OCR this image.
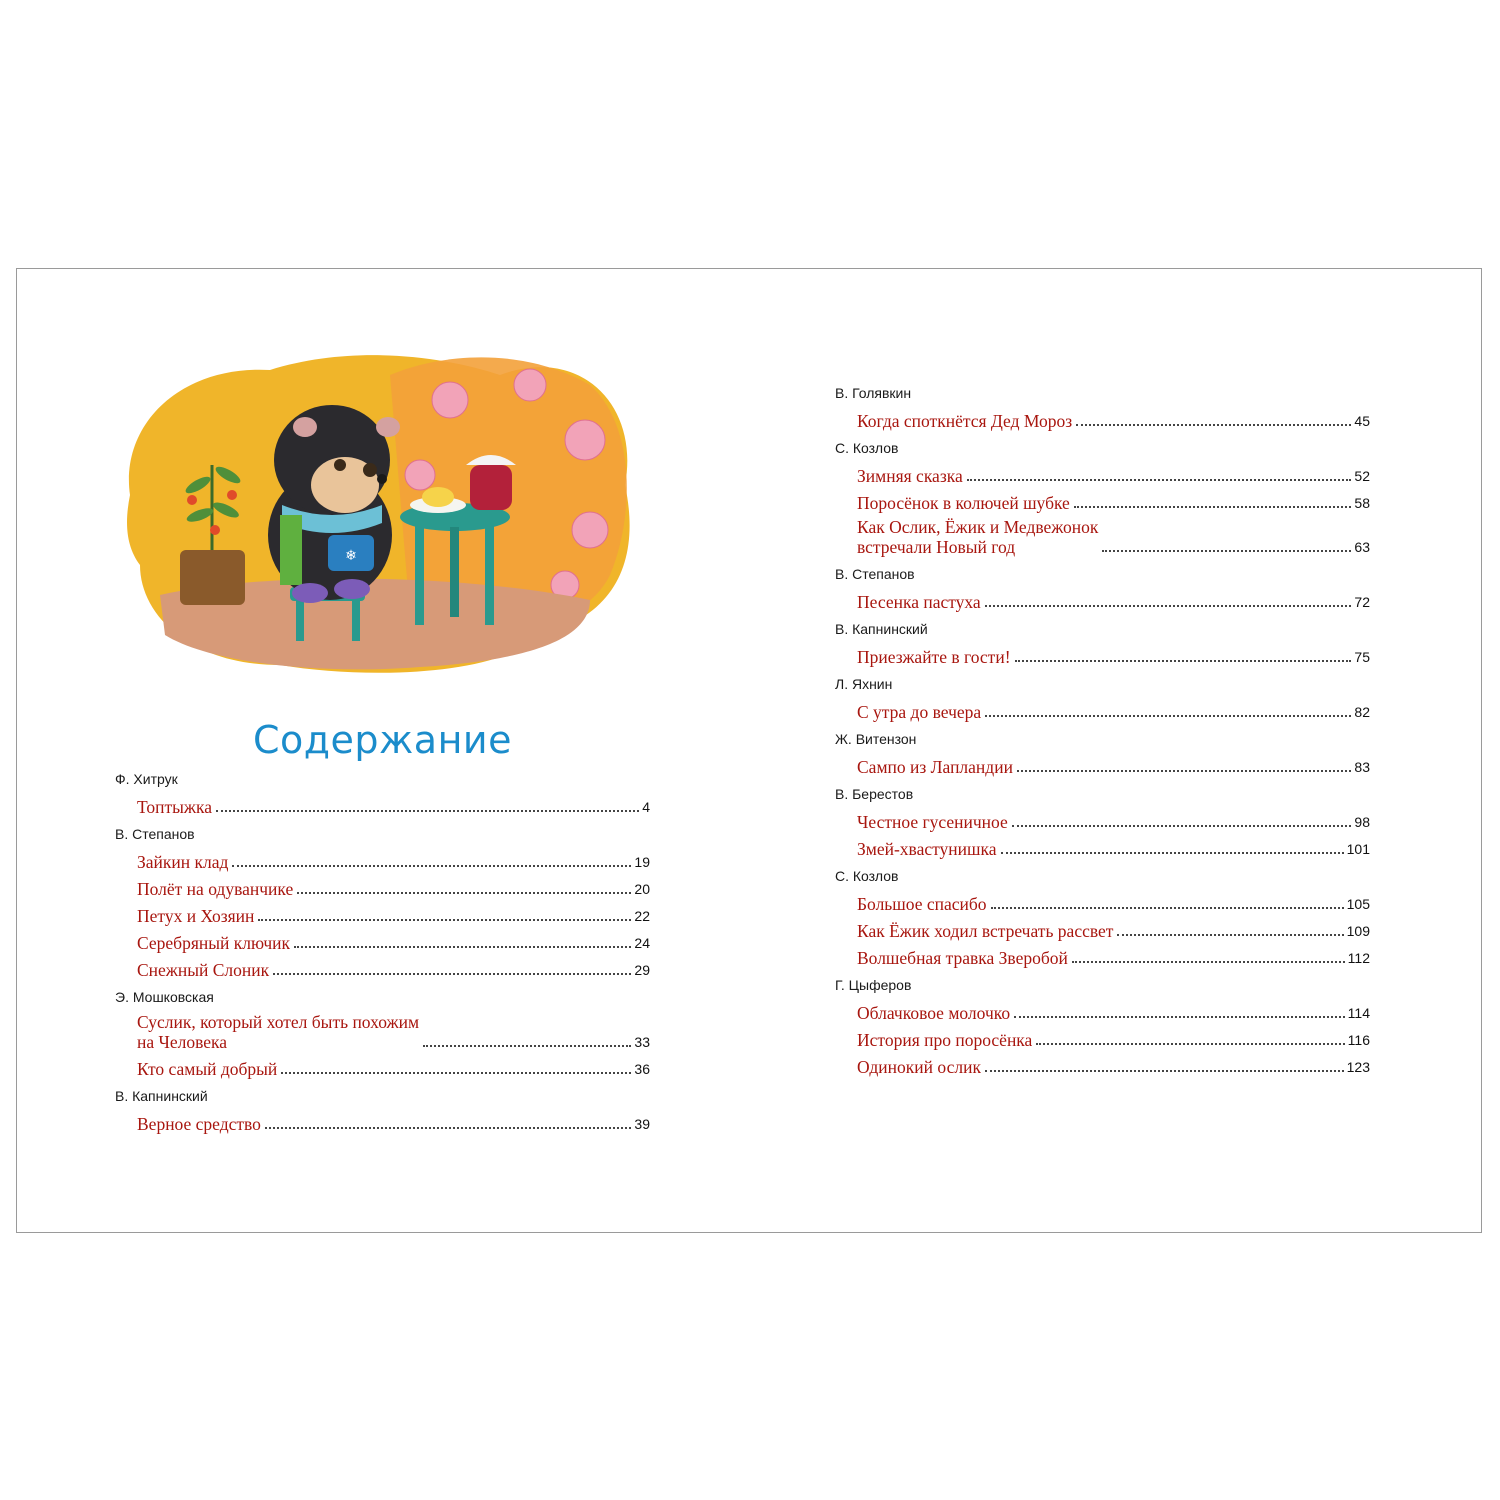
❄
Содержание
Ф. Хитрук
Топтыжка	4
В. Степанов
Зайкин клад	19
Полёт на одуванчике	20
Петух и Хозяин	22
Серебряный ключик	24
Снежный Слоник	29
Э. Мошковская
Суслик, который хотел быть похожим
на Человека	33
Кто самый добрый	36
В. Капнинский
Верное средство	39
В. Голявкин
Когда споткнётся Дед Мороз	45
С. Козлов
Зимняя сказка	52
Поросёнок в колючей шубке	58
Как Ослик, Ёжик и Медвежонок
встречали Новый год	63
В. Степанов
Песенка пастуха	72
В. Капнинский
Приезжайте в гости!	75
Л. Яхнин
С утра до вечера	82
Ж. Витензон
Сампо из Лапландии	83
В. Берестов
Честное гусеничное	98
Змей-хвастунишка	101
С. Козлов
Большое спасибо	105
Как Ёжик ходил встречать рассвет	109
Волшебная травка Зверобой	112
Г. Цыферов
Облачковое молочко	114
История про поросёнка	116
Одинокий ослик	123
